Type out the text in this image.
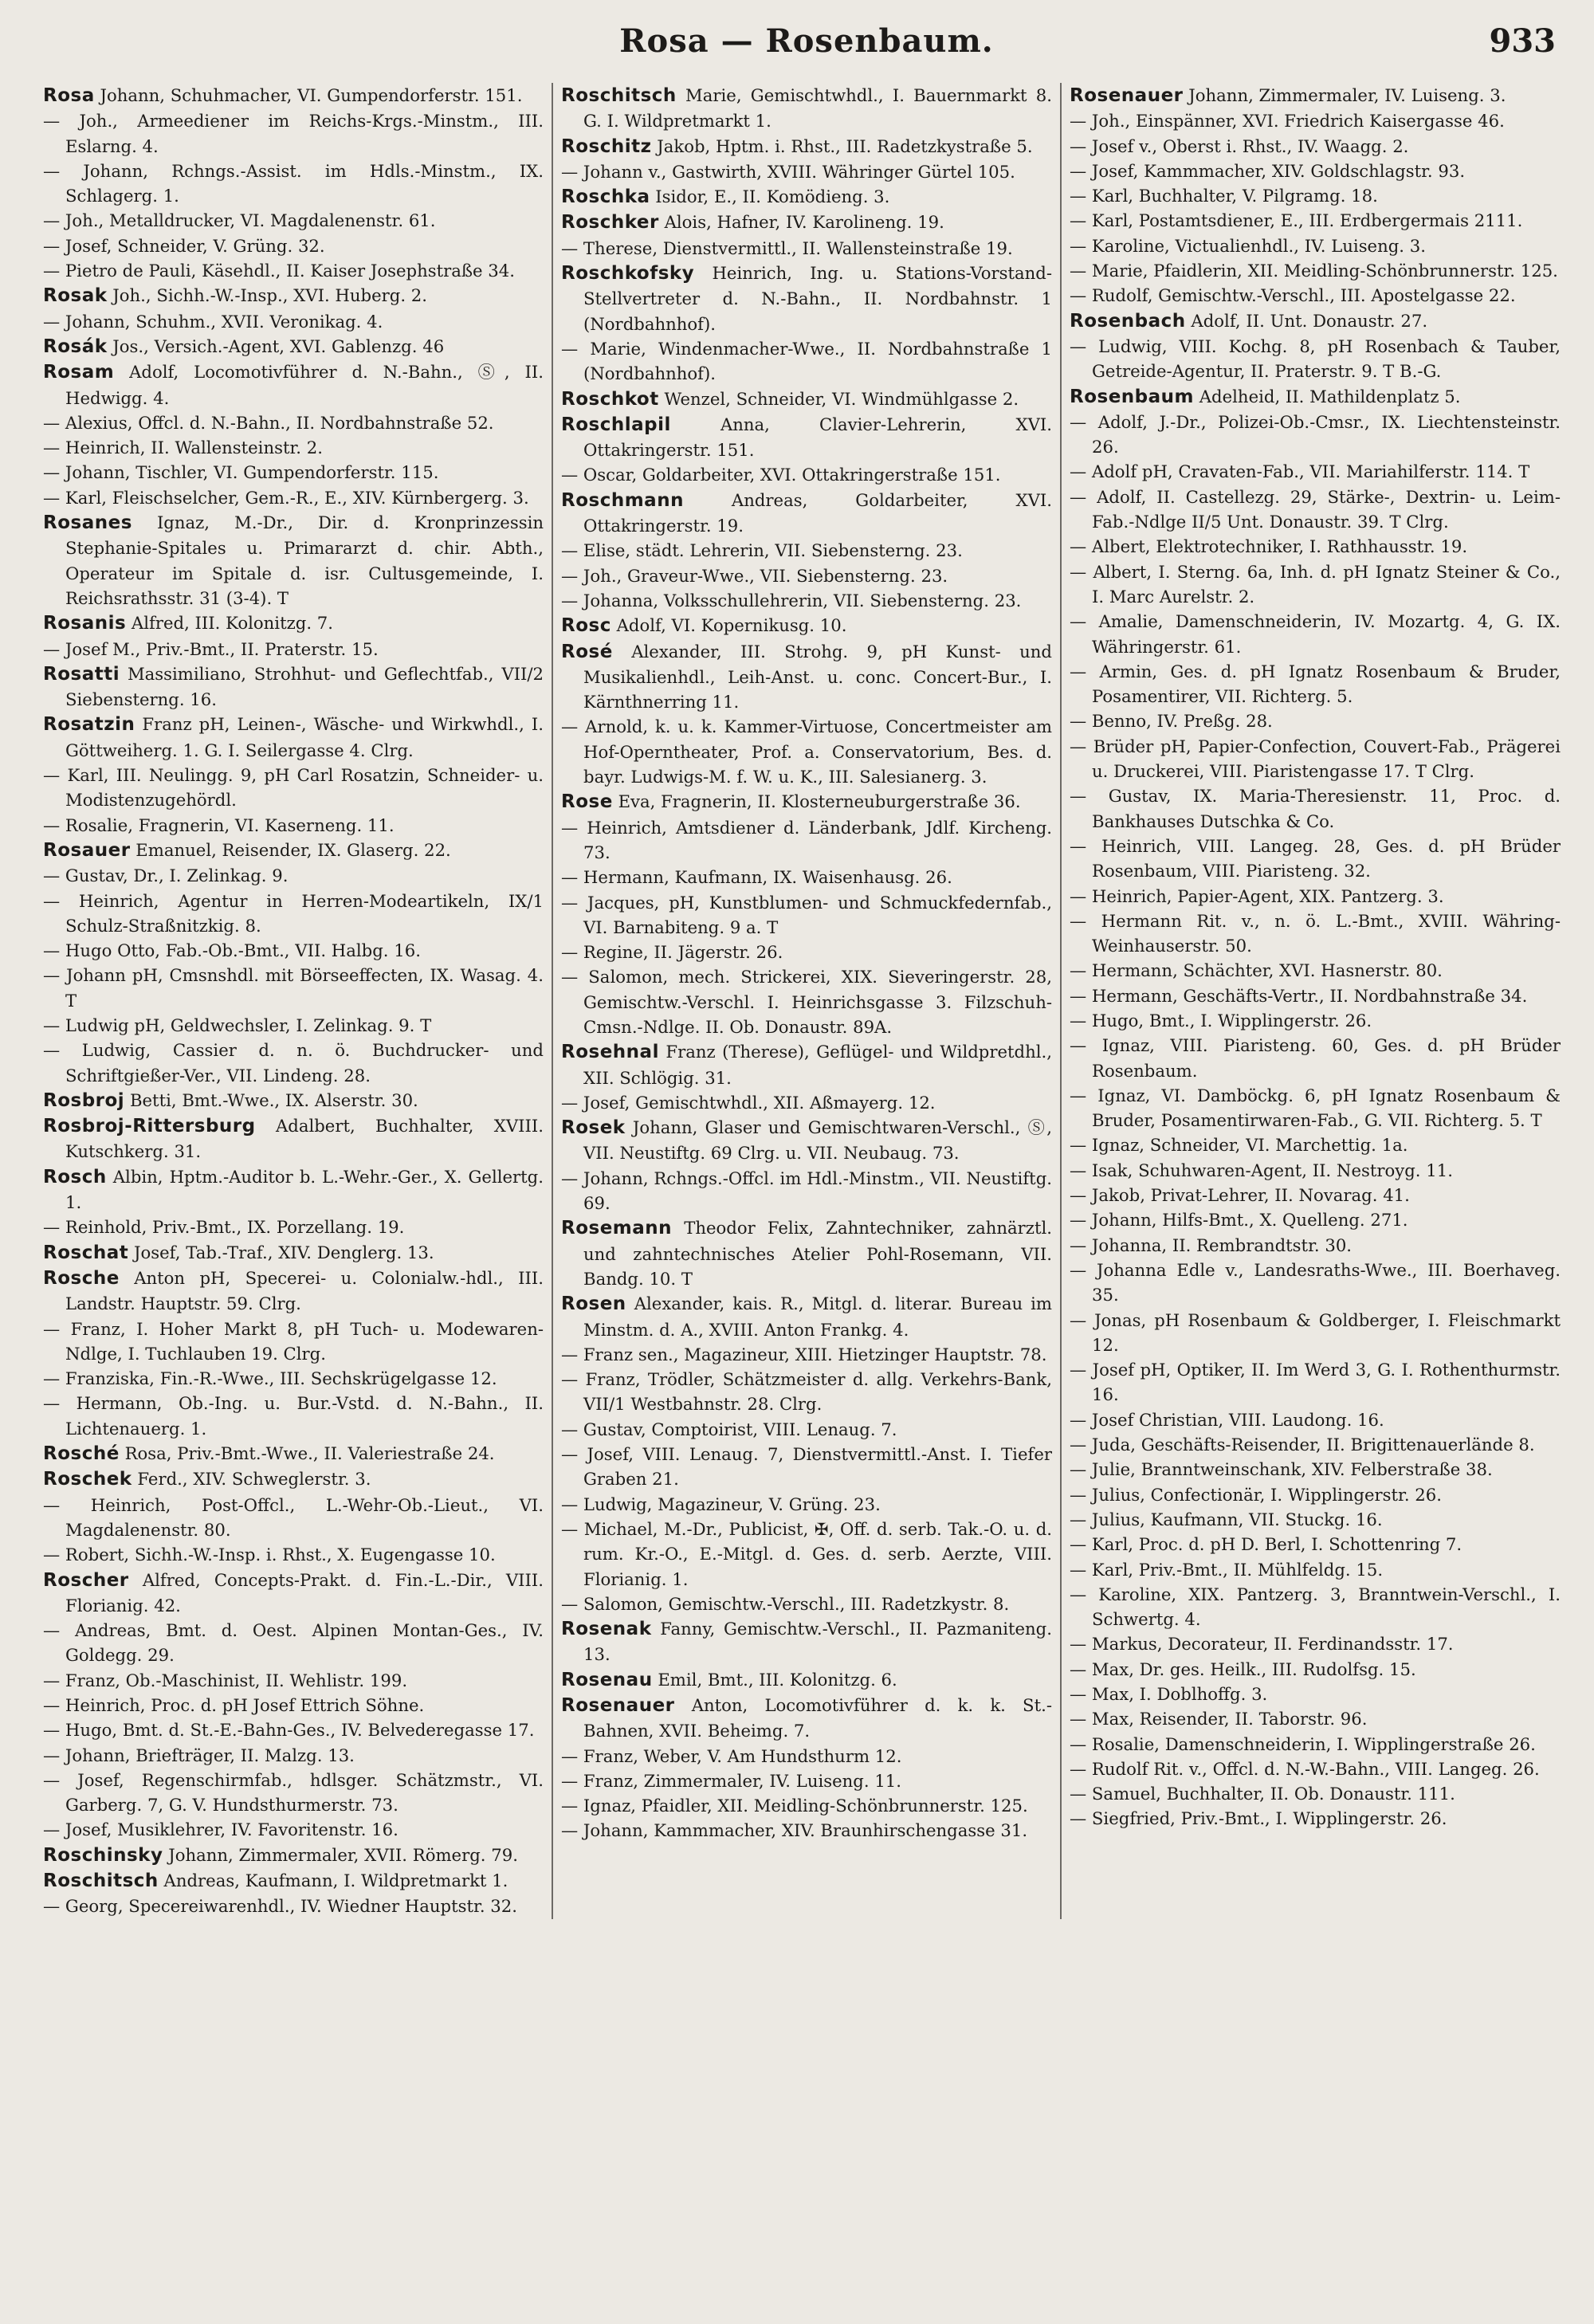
Rosa — Rosenbaum.	933

Rosa Johann, Schuhmacher, VI. Gumpendorferstr. 151.

— Joh., Armeediener im Reichs-Krgs.-Minstm., III. Eslarng. 4.

— Johann, Rchngs.-Assist. im Hdls.-Minstm., IX. Schlagerg. 1.

— Joh., Metalldrucker, VI. Magdalenenstr. 61.

— Josef, Schneider, V. Grüng. 32.

— Pietro de Pauli, Käsehdl., II. Kaiser Josephstraße 34.

Rosak Joh., Sichh.-W.-Insp., XVI. Huberg. 2.

— Johann, Schuhm., XVII. Veronikag. 4.

Rosák Jos., Versich.-Agent, XVI. Gablenzg. 46

Rosam Adolf, Locomotivführer d. N.-Bahn., Ⓢ, II. Hedwigg. 4.

— Alexius, Offcl. d. N.-Bahn., II. Nordbahnstraße 52.

— Heinrich, II. Wallensteinstr. 2.

— Johann, Tischler, VI. Gumpendorferstr. 115.

— Karl, Fleischselcher, Gem.-R., E., XIV. Kürnbergerg. 3.

Rosanes Ignaz, M.-Dr., Dir. d. Kronprinzessin Stephanie-Spitales u. Primararzt d. chir. Abth., Operateur im Spitale d. isr. Cultusgemeinde, I. Reichsrathsstr. 31 (3-4). T

Rosanis Alfred, III. Kolonitzg. 7.

— Josef M., Priv.-Bmt., II. Praterstr. 15.

Rosatti Massimiliano, Strohhut- und Geflechtfab., VII/2 Siebensterng. 16.

Rosatzin Franz pH, Leinen-, Wäsche- und Wirkwhdl., I. Göttweiherg. 1. G. I. Seilergasse 4. Clrg.

— Karl, III. Neulingg. 9, pH Carl Rosatzin, Schneider- u. Modistenzugehördl.

— Rosalie, Fragnerin, VI. Kaserneng. 11.

Rosauer Emanuel, Reisender, IX. Glaserg. 22.

— Gustav, Dr., I. Zelinkag. 9.

— Heinrich, Agentur in Herren-Modeartikeln, IX/1 Schulz-Straßnitzkig. 8.

— Hugo Otto, Fab.-Ob.-Bmt., VII. Halbg. 16.

— Johann pH, Cmsnshdl. mit Börseeffecten, IX. Wasag. 4. T

— Ludwig pH, Geldwechsler, I. Zelinkag. 9. T

— Ludwig, Cassier d. n. ö. Buchdrucker- und Schriftgießer-Ver., VII. Lindeng. 28.

Rosbroj Betti, Bmt.-Wwe., IX. Alserstr. 30.

Rosbroj-Rittersburg Adalbert, Buchhalter, XVIII. Kutschkerg. 31.

Rosch Albin, Hptm.-Auditor b. L.-Wehr.-Ger., X. Gellertg. 1.

— Reinhold, Priv.-Bmt., IX. Porzellang. 19.

Roschat Josef, Tab.-Traf., XIV. Denglerg. 13.

Rosche Anton pH, Specerei- u. Colonialw.-hdl., III. Landstr. Hauptstr. 59. Clrg.

— Franz, I. Hoher Markt 8, pH Tuch- u. Modewaren-Ndlge, I. Tuchlauben 19. Clrg.

— Franziska, Fin.-R.-Wwe., III. Sechskrügelgasse 12.

— Hermann, Ob.-Ing. u. Bur.-Vstd. d. N.-Bahn., II. Lichtenauerg. 1.

Rosché Rosa, Priv.-Bmt.-Wwe., II. Valeriestraße 24.

Roschek Ferd., XIV. Schweglerstr. 3.

— Heinrich, Post-Offcl., L.-Wehr-Ob.-Lieut., VI. Magdalenenstr. 80.

— Robert, Sichh.-W.-Insp. i. Rhst., X. Eugengasse 10.

Roscher Alfred, Concepts-Prakt. d. Fin.-L.-Dir., VIII. Florianig. 42.

— Andreas, Bmt. d. Oest. Alpinen Montan-Ges., IV. Goldegg. 29.

— Franz, Ob.-Maschinist, II. Wehlistr. 199.

— Heinrich, Proc. d. pH Josef Ettrich Söhne.

— Hugo, Bmt. d. St.-E.-Bahn-Ges., IV. Belvederegasse 17.

— Johann, Briefträger, II. Malzg. 13.

— Josef, Regenschirmfab., hdlsger. Schätzmstr., VI. Garberg. 7, G. V. Hundsthurmerstr. 73.

— Josef, Musiklehrer, IV. Favoritenstr. 16.

Roschinsky Johann, Zimmermaler, XVII. Römerg. 79.

Roschitsch Andreas, Kaufmann, I. Wildpretmarkt 1.

— Georg, Specereiwarenhdl., IV. Wiedner Hauptstr. 32.

Roschitsch Marie, Gemischtwhdl., I. Bauernmarkt 8. G. I. Wildpretmarkt 1.

Roschitz Jakob, Hptm. i. Rhst., III. Radetzkystraße 5.

— Johann v., Gastwirth, XVIII. Währinger Gürtel 105.

Roschka Isidor, E., II. Komödieng. 3.

Roschker Alois, Hafner, IV. Karolineng. 19.

— Therese, Dienstvermittl., II. Wallensteinstraße 19.

Roschkofsky Heinrich, Ing. u. Stations-Vorstand-Stellvertreter d. N.-Bahn., II. Nordbahnstr. 1 (Nordbahnhof).

— Marie, Windenmacher-Wwe., II. Nordbahnstraße 1 (Nordbahnhof).

Roschkot Wenzel, Schneider, VI. Windmühlgasse 2.

Roschlapil	Anna, Clavier-Lehrerin, XVI. Ottakringerstr. 151.

— Oscar, Goldarbeiter, XVI. Ottakringerstraße 151.

Roschmann	Andreas, Goldarbeiter, XVI. Ottakringerstr. 19.

— Elise, städt. Lehrerin, VII. Siebensterng. 23.

— Joh., Graveur-Wwe., VII. Siebensterng. 23.

— Johanna, Volksschullehrerin, VII. Siebensterng. 23.

Rosc Adolf, VI. Kopernikusg. 10.

Rosé Alexander, III. Strohg. 9, pH Kunst- und Musikalienhdl., Leih-Anst. u. conc. Concert-Bur., I. Kärnthnerring 11.

— Arnold, k. u. k. Kammer-Virtuose, Concertmeister am Hof-Operntheater, Prof. a. Conservatorium, Bes. d. bayr. Ludwigs-M. f. W. u. K., III. Salesianerg. 3.

Rose Eva, Fragnerin, II. Klosterneuburgerstraße 36.

— Heinrich, Amtsdiener d. Länderbank, Jdlf. Kircheng. 73.

— Hermann, Kaufmann, IX. Waisenhausg. 26.

— Jacques, pH, Kunstblumen- und Schmuckfedernfab., VI. Barnabiteng. 9 a. T

— Regine, II. Jägerstr. 26.

— Salomon, mech. Strickerei, XIX. Sieveringerstr. 28, Gemischtw.-Verschl. I. Heinrichsgasse 3. Filzschuh-Cmsn.-Ndlge. II. Ob. Donaustr. 89A.

Rosehnal Franz (Therese), Geflügel- und Wildpretdhl., XII. Schlögig. 31.

— Josef, Gemischtwhdl., XII. Aßmayerg. 12.

Rosek Johann, Glaser und Gemischtwaren-Verschl., Ⓢ, VII. Neustiftg. 69 Clrg. u. VII. Neubaug. 73.

— Johann, Rchngs.-Offcl. im Hdl.-Minstm., VII. Neustiftg. 69.

Rosemann Theodor Felix, Zahntechniker, zahnärztl. und zahntechnisches Atelier Pohl-Rosemann, VII. Bandg. 10. T

Rosen Alexander, kais. R., Mitgl. d. literar. Bureau im Minstm. d. A., XVIII. Anton Frankg. 4.

— Franz sen., Magazineur, XIII. Hietzinger Hauptstr. 78.

— Franz, Trödler, Schätzmeister d. allg. Verkehrs-Bank, VII/1 Westbahnstr. 28. Clrg.

— Gustav, Comptoirist, VIII. Lenaug. 7.

— Josef, VIII. Lenaug. 7, Dienstvermittl.-Anst. I. Tiefer Graben 21.

— Ludwig, Magazineur, V. Grüng. 23.

— Michael, M.-Dr., Publicist, ✠, Off. d. serb. Tak.-O. u. d. rum. Kr.-O., E.-Mitgl. d. Ges. d. serb. Aerzte, VIII. Florianig. 1.

— Salomon, Gemischtw.-Verschl., III. Radetzkystr. 8.

Rosenak Fanny, Gemischtw.-Verschl., II. Pazmaniteng. 13.

Rosenau Emil, Bmt., III. Kolonitzg. 6.

Rosenauer Anton, Locomotivführer d. k. k. St.-Bahnen, XVII. Beheimg. 7.

— Franz, Weber, V. Am Hundsthurm 12.

— Franz, Zimmermaler, IV. Luiseng. 11.

— Ignaz, Pfaidler, XII. Meidling-Schönbrunnerstr. 125.

— Johann, Kammmacher, XIV. Braunhirschengasse 31.

Rosenauer Johann, Zimmermaler, IV. Luiseng. 3.

— Joh., Einspänner, XVI. Friedrich Kaisergasse 46.

— Josef v., Oberst i. Rhst., IV. Waagg. 2.

— Josef, Kammmacher, XIV. Goldschlagstr. 93.

— Karl, Buchhalter, V. Pilgramg. 18.

— Karl, Postamtsdiener, E., III. Erdbergermais 2111.

— Karoline, Victualienhdl., IV. Luiseng. 3.

— Marie, Pfaidlerin, XII. Meidling-Schönbrunnerstr. 125.

— Rudolf, Gemischtw.-Verschl., III. Apostelgasse 22.

Rosenbach Adolf, II. Unt. Donaustr. 27.

— Ludwig, VIII. Kochg. 8, pH Rosenbach & Tauber, Getreide-Agentur, II. Praterstr. 9. T B.-G.

Rosenbaum Adelheid, II. Mathildenplatz 5.

— Adolf, J.-Dr., Polizei-Ob.-Cmsr., IX. Liechtensteinstr. 26.

— Adolf pH, Cravaten-Fab., VII. Mariahilferstr. 114. T

— Adolf, II. Castellezg. 29, Stärke-, Dextrin- u. Leim-Fab.-Ndlge II/5 Unt. Donaustr. 39. T Clrg.

— Albert, Elektrotechniker, I. Rathhausstr. 19.

— Albert, I. Sterng. 6a, Inh. d. pH Ignatz Steiner & Co., I. Marc Aurelstr. 2.

— Amalie, Damenschneiderin, IV. Mozartg. 4, G. IX. Währingerstr. 61.

— Armin, Ges. d. pH Ignatz Rosenbaum & Bruder, Posamentirer, VII. Richterg. 5.

— Benno, IV. Preßg. 28.

— Brüder pH, Papier-Confection, Couvert-Fab., Prägerei u. Druckerei, VIII. Piaristengasse 17. T Clrg.

— Gustav, IX. Maria-Theresienstr. 11, Proc. d. Bankhauses Dutschka & Co.

— Heinrich, VIII. Langeg. 28, Ges. d. pH Brüder Rosenbaum, VIII. Piaristeng. 32.

— Heinrich, Papier-Agent, XIX. Pantzerg. 3.

— Hermann Rit. v., n. ö. L.-Bmt., XVIII. Währing-Weinhauserstr. 50.

— Hermann, Schächter, XVI. Hasnerstr. 80.

— Hermann, Geschäfts-Vertr., II. Nordbahnstraße 34.

— Hugo, Bmt., I. Wipplingerstr. 26.

— Ignaz, VIII. Piaristeng. 60, Ges. d. pH Brüder Rosenbaum.

— Ignaz, VI. Damböckg. 6, pH Ignatz Rosenbaum & Bruder, Posamentirwaren-Fab., G. VII. Richterg. 5. T

— Ignaz, Schneider, VI. Marchettig. 1a.

— Isak, Schuhwaren-Agent, II. Nestroyg. 11.

— Jakob, Privat-Lehrer, II. Novarag. 41.

— Johann, Hilfs-Bmt., X. Quelleng. 271.

— Johanna, II. Rembrandtstr. 30.

— Johanna Edle v., Landesraths-Wwe., III. Boerhaveg. 35.

— Jonas, pH Rosenbaum & Goldberger, I. Fleischmarkt 12.

— Josef pH, Optiker, II. Im Werd 3, G. I. Rothenthurmstr. 16.

— Josef Christian, VIII. Laudong. 16.

— Juda, Geschäfts-Reisender, II. Brigittenauerlände 8.

— Julie, Branntweinschank, XIV. Felberstraße 38.

— Julius, Confectionär, I. Wipplingerstr. 26.

— Julius, Kaufmann, VII. Stuckg. 16.

— Karl, Proc. d. pH D. Berl, I. Schottenring 7.

— Karl, Priv.-Bmt., II. Mühlfeldg. 15.

— Karoline, XIX. Pantzerg. 3, Branntwein-Verschl., I. Schwertg. 4.

— Markus, Decorateur, II. Ferdinandsstr. 17.

— Max, Dr. ges. Heilk., III. Rudolfsg. 15.

— Max, I. Doblhoffg. 3.

— Max, Reisender, II. Taborstr. 96.

— Rosalie, Damenschneiderin, I. Wipplingerstraße 26.

— Rudolf Rit. v., Offcl. d. N.-W.-Bahn., VIII. Langeg. 26.

— Samuel, Buchhalter, II. Ob. Donaustr. 111.

— Siegfried, Priv.-Bmt., I. Wipplingerstr. 26.
